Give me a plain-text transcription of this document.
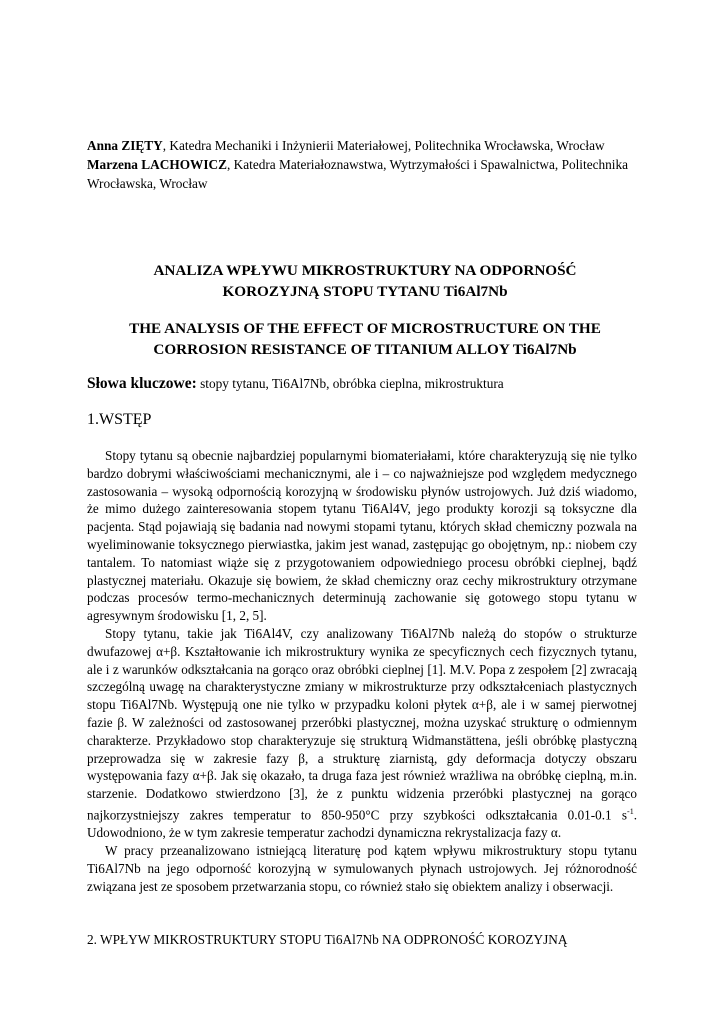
Anna ZIĘTY, Katedra Mechaniki i Inżynierii Materiałowej, Politechnika Wrocławska, Wrocław
Marzena LACHOWICZ, Katedra Materiałoznawstwa, Wytrzymałości i Spawalnictwa, Politechnika Wrocławska, Wrocław
ANALIZA WPŁYWU MIKROSTRUKTURY NA ODPORNOŚĆ
KOROZYJNĄ STOPU TYTANU Ti6Al7Nb
THE ANALYSIS OF THE EFFECT OF MICROSTRUCTURE ON THE
CORROSION RESISTANCE OF TITANIUM ALLOY Ti6Al7Nb
Słowa kluczowe: stopy tytanu, Ti6Al7Nb, obróbka cieplna, mikrostruktura
1.WSTĘP

Stopy tytanu są obecnie najbardziej popularnymi biomateriałami, które charakteryzują się nie tylko bardzo dobrymi właściwościami mechanicznymi, ale i – co najważniejsze pod względem medycznego zastosowania – wysoką odpornością korozyjną w środowisku płynów ustrojowych. Już dziś wiadomo, że mimo dużego zainteresowania stopem tytanu Ti6Al4V, jego produkty korozji są toksyczne dla pacjenta. Stąd pojawiają się badania nad nowymi stopami tytanu, których skład chemiczny pozwala na wyeliminowanie toksycznego pierwiastka, jakim jest wanad, zastępując go obojętnym, np.: niobem czy tantalem. To natomiast wiąże się z przygotowaniem odpowiedniego procesu obróbki cieplnej, bądź plastycznej materiału. Okazuje się bowiem, że skład chemiczny oraz cechy mikrostruktury otrzymane podczas procesów termo-mechanicznych determinują zachowanie się gotowego stopu tytanu w agresywnym środowisku [1, 2, 5].

Stopy tytanu, takie jak Ti6Al4V, czy analizowany Ti6Al7Nb należą do stopów o strukturze dwufazowej α+β. Kształtowanie ich mikrostruktury wynika ze specyficznych cech fizycznych tytanu, ale i z warunków odkształcania na gorąco oraz obróbki cieplnej [1]. M.V. Popa z zespołem [2] zwracają szczególną uwagę na charakterystyczne zmiany w mikrostrukturze przy odkształceniach plastycznych stopu Ti6Al7Nb. Występują one nie tylko w przypadku koloni płytek α+β, ale i w samej pierwotnej fazie β. W zależności od zastosowanej przeróbki plastycznej, można uzyskać strukturę o odmiennym charakterze. Przykładowo stop charakteryzuje się strukturą Widmanstättena, jeśli obróbkę plastyczną przeprowadza się w zakresie fazy β, a strukturę ziarnistą, gdy deformacja dotyczy obszaru występowania fazy α+β. Jak się okazało, ta druga faza jest również wrażliwa na obróbkę cieplną, m.in. starzenie. Dodatkowo stwierdzono [3], że z punktu widzenia przeróbki plastycznej na gorąco najkorzystniejszy zakres temperatur to 850-950°C przy szybkości odkształcania 0.01-0.1 $s^{-1}$. Udowodniono, że w tym zakresie temperatur zachodzi dynamiczna rekrystalizacja fazy α.

W pracy przeanalizowano istniejącą literaturę pod kątem wpływu mikrostruktury stopu tytanu Ti6Al7Nb na jego odporność korozyjną w symulowanych płynach ustrojowych. Jej różnorodność związana jest ze sposobem przetwarzania stopu, co również stało się obiektem analizy i obserwacji.

2. WPŁYW MIKROSTRUKTURY STOPU Ti6Al7Nb NA ODPRONOŚĆ KOROZYJNĄ
